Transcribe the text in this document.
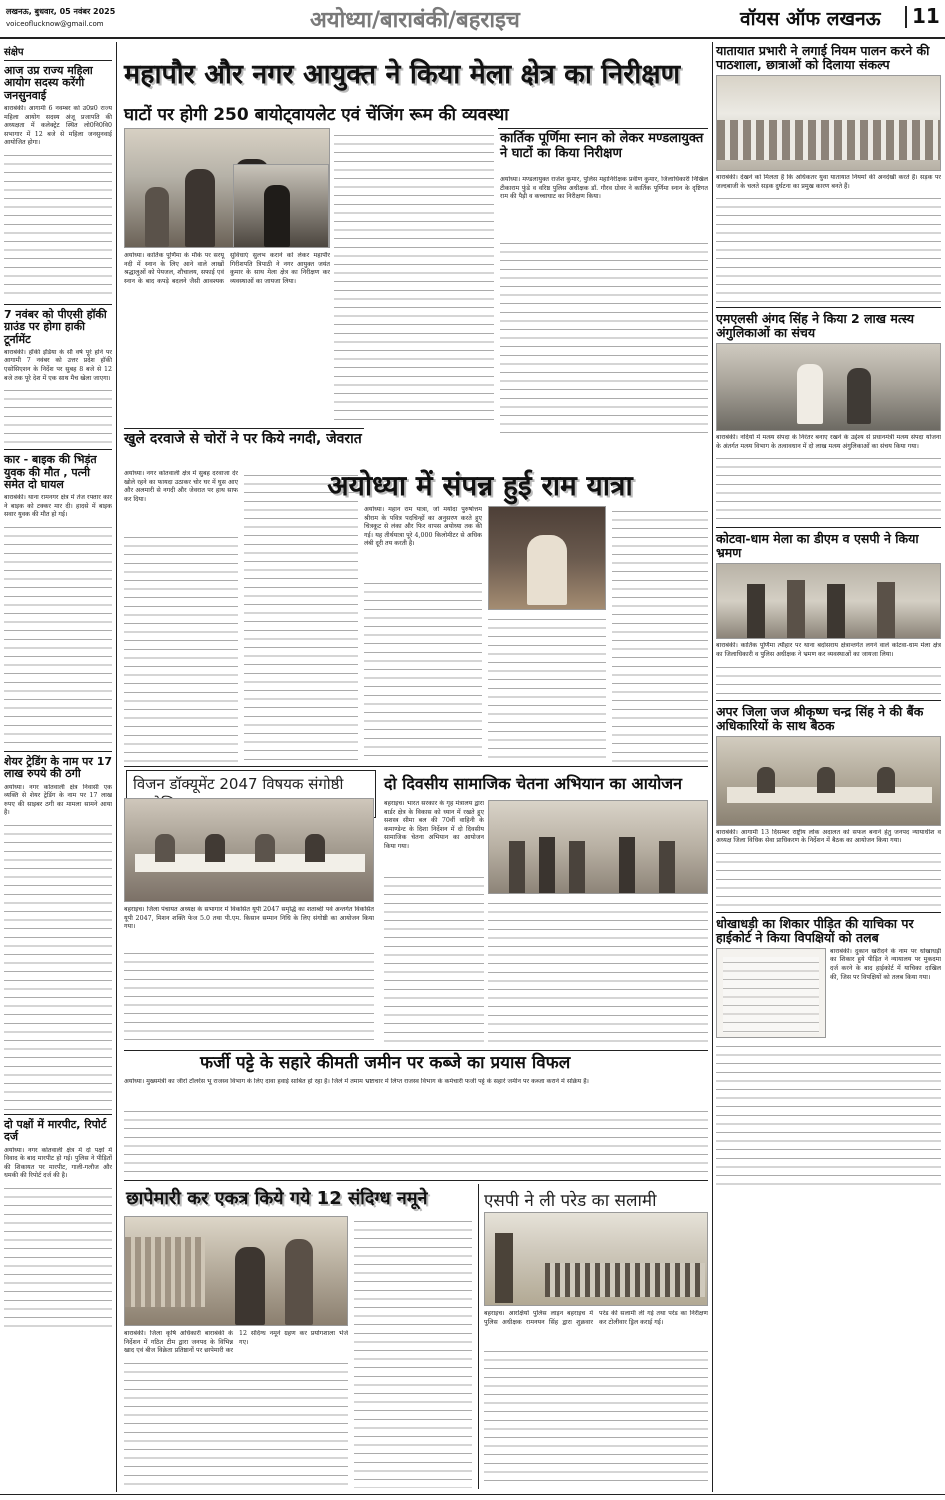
लखनऊ, बुधवार, 05 नवंबर 2025
voiceoflucknow@gmail.com	अयोध्या/बाराबंकी/बहराइच	वॉयस ऑफ लखनऊ 11
संक्षेप
आज उप्र राज्य महिला आयोग सदस्य करेंगी जनसुनवाई
बाराबंकी। आगामी 6 नवम्बर को उ0प्र0 राज्य महिला आयोग सदस्य अंजू प्रजापति की अध्यक्षता में कलेक्ट्रेट स्थित लो0नि0वि0 सभागार में 12 बजे से महिला जनसुनवाई आयोजित होगा।
7 नवंबर को पीएसी हॉकी ग्राउंड पर होगा हाकी टूर्नामेंट
बाराबंकी। हॉकी इंडिया के सौ वर्ष पूरे होने पर आगामी 7 नवंबर को उत्तर प्रदेश हॉकी एसोसिएशन के निर्देश पर सुबह 8 बजे से 12 बजे तक पूरे देश में एक साथ मैच खेला जाएगा।
कार - बाइक की भिड़ंत युवक की मौत , पत्नी समेत दो घायल
बाराबंकी। थाना रामनगर क्षेत्र में तेज रफ्तार कार ने बाइक को टक्कर मार दी। हादसे में बाइक सवार युवक की मौत हो गई।
शेयर ट्रेडिंग के नाम पर 17 लाख रुपये की ठगी
अयोध्या। नगर कोतवाली क्षेत्र निवासी एक व्यक्ति से शेयर ट्रेडिंग के नाम पर 17 लाख रुपए की साइबर ठगी का मामला सामने आया है।
दो पक्षों में मारपीट, रिपोर्ट दर्ज
अयोध्या। नगर कोतवाली क्षेत्र में दो पक्षों में विवाद के बाद मारपीट हो गई। पुलिस ने पीड़ितों की शिकायत पर मारपीट, गाली-गलौज और धमकी की रिपोर्ट दर्ज की है।
महापौर और नगर आयुक्त ने किया मेला क्षेत्र का निरीक्षण
घाटों पर होगी 250 बायोट्वायलेट एवं चेंजिंग रूम की व्यवस्था
अयोध्या। कार्तिक पूर्णिमा के मौके पर सरयू नदी में स्नान के लिए आने वाले लाखों श्रद्धालुओं को पेयजल, शौचालय, सफाई एवं स्नान के बाद कपड़े बदलने जैसी आवश्यक सुविधाएं सुलभ कराने को लेकर महापौर गिरीशपति त्रिपाठी ने नगर आयुक्त जयंत कुमार के साथ मेला क्षेत्र का निरीक्षण कर व्यवस्थाओं का जायजा लिया।
कार्तिक पूर्णिमा स्नान को लेकर मण्डलायुक्त ने घाटों का किया निरीक्षण
अयोध्या। मण्डलायुक्त राजेश कुमार, पुलिस महानिरीक्षक प्रवीण कुमार, जिलाधिकारी निखिल टीकाराम फुंडे व वरिष्ठ पुलिस अधीक्षक डॉ. गौरव ग्रोवर ने कार्तिक पूर्णिमा स्नान के दृष्टिगत राम की पैड़ी व कच्चाघाट का निरीक्षण किया।
खुले दरवाजे से चोरों ने पर किये नगदी, जेवरात
अयोध्या। नगर कोतवाली क्षेत्र में सुबह दरवाजा देर खोले रहने का फायदा उठाकर चोर घर में घुस आए और अलमारी से नगदी और जेवरात पर हाथ साफ कर दिया।	अयोध्या में संपन्न हुई राम यात्रा
अयोध्या। महान राम यात्रा, जो मर्यादा पुरुषोत्तम श्रीराम के पवित्र पदचिन्हों का अनुसरण करते हुए चित्रकूट से लंका और फिर वापस अयोध्या तक की गई। यह तीर्थयात्रा पूरे 4,000 किलोमीटर से अधिक लंबी दूरी तय करती है।
विजन डॉक्यूमेंट 2047 विषयक संगोष्ठी
बहराइच। जिला पंचायत अध्यक्ष के सभागार में विकसित यूपी 2047 समृद्धि का शताब्दी पर्व अन्तर्गत विकसित यूपी 2047, मिशन शक्ति फेज 5.0 तथा पी.एम. किसान सम्मान निधि के लिए संगोष्ठी का आयोजन किया गया।
दो दिवसीय सामाजिक चेतना अभियान का आयोजन
बहराइच। भारत सरकार के गृह मंत्रालय द्वारा बार्डर क्षेत्र के विकास को ध्यान में रखते हुए सशस्त्र सीमा बल की 70वीं वाहिनी के कमाण्डेन्ट के दिशा निर्देशन में दो दिवसीय सामाजिक चेतना अभियान का आयोजन किया गया।
फर्जी पट्टे के सहारे कीमती जमीन पर कब्जे का प्रयास विफल
अयोध्या। मुख्यमंत्री का जीरो टॉलरेंस भू राजस्व विभाग के लिए दावा हवाई साबित हो रहा है। जिले में तमाम भ्रष्टाचार में लिप्त राजस्व विभाग के कर्मचारी फर्जी पट्टे के सहारे जमीन पर कब्जा कराने में सक्रिय हैं।
छापेमारी कर एकत्र किये गये 12 संदिग्ध नमूने
बाराबंकी। जिला कृषि अधिकारी बाराबंकी के निर्देशन में गठित टीम द्वारा जनपद के विभिन्न खाद एवं बीज विक्रेता प्रतिष्ठानों पर छापेमारी कर 12 संदिग्ध नमूने ग्रहण कर प्रयोगशाला भेजे गए।
एसपी ने ली परेड का सलामी
बहराइच। आरक्षियों पुलिस लाइन बहराइच में पुलिस अधीक्षक रामनयन सिंह द्वारा शुक्रवार परेड की सलामी ली गई तथा परेड का निरीक्षण कर टोलीवार ड्रिल कराई गई।
यातायात प्रभारी ने लगाई नियम पालन करने की पाठशाला, छात्राओं को दिलाया संकल्प
बाराबंकी। देखने को मिलता है कि अधिकतर युवा यातायात नियमों की अनदेखी करते हैं। सड़क पर जल्दबाजी के चलते सड़क दुर्घटना का प्रमुख कारण बनते हैं।
एमएलसी अंगद सिंह ने किया 2 लाख मत्स्य अंगुलिकाओं का संचय
बाराबंकी। नदियों में मत्स्य संपदा के निरंतर बनाए रखने के उद्देश्य से प्रधानमंत्री मत्स्य संपदा योजना के अंतर्गत मत्स्य विभाग के तत्वावधान में दो लाख मत्स्य अंगुलिकाओं का संचय किया गया।
कोटवा-धाम मेला का डीएम व एसपी ने किया भ्रमण
बाराबंकी। कार्तिक पूर्णिमा त्यौहार पर थाना बदोसराय क्षेत्रान्तर्गत लगने वाले कोटवा-धाम मेला क्षेत्र का जिलाधिकारी व पुलिस अधीक्षक ने भ्रमण कर व्यवस्थाओं का जायजा लिया।
अपर जिला जज श्रीकृष्ण चन्द्र सिंह ने की बैंक अधिकारियों के साथ बैठक
बाराबंकी। आगामी 13 दिसम्बर राष्ट्रीय लोक अदालत को सफल बनाने हेतु जनपद न्यायाधीश व अध्यक्ष जिला विधिक सेवा प्राधिकरण के निर्देशन में बैठक का आयोजन किया गया।
धोखाधड़ी का शिकार पीड़ित की याचिका पर हाईकोर्ट ने किया विपक्षियों को तलब
बाराबंकी। दुकान खरीदने के नाम पर धोखाधड़ी का शिकार हुये पीड़ित ने न्यायालय पर मुकदमा दर्ज करने के बाद हाईकोर्ट में याचिका दाखिल की, जिस पर विपक्षियों को तलब किया गया।
